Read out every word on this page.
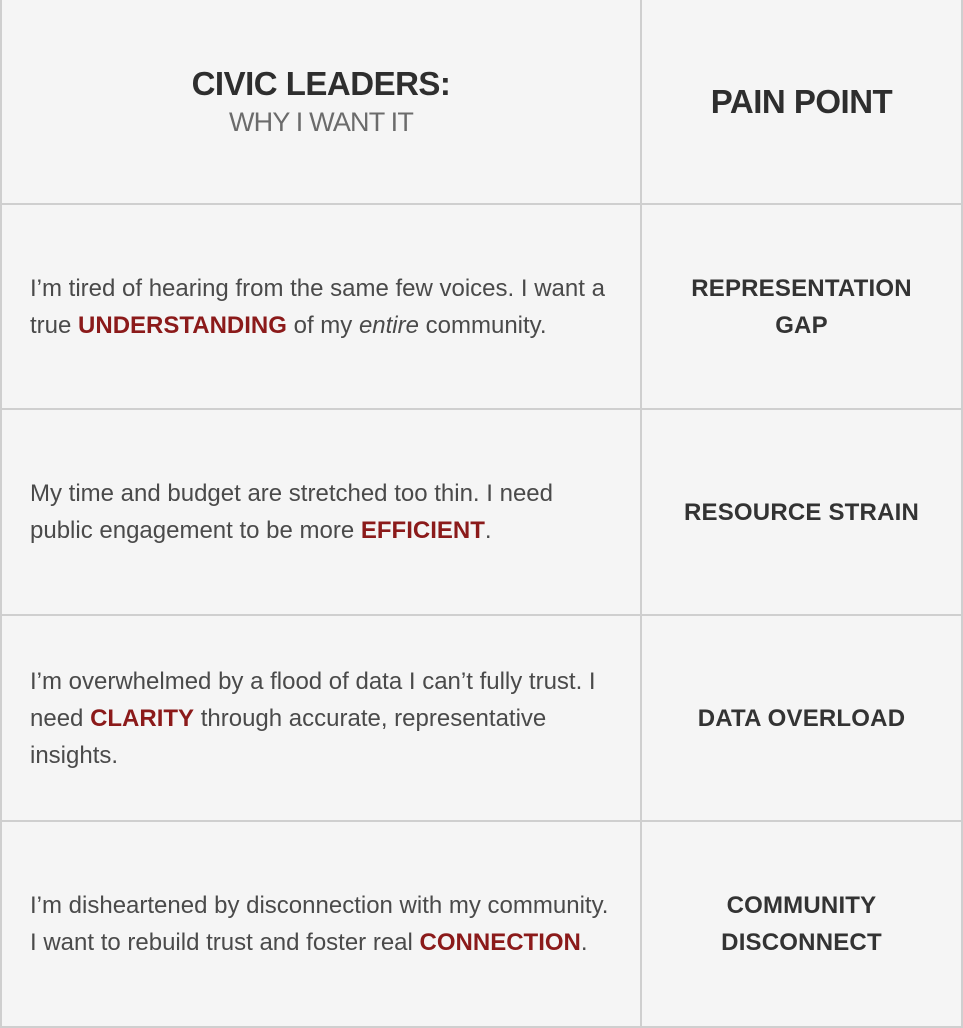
CIVIC LEADERS:
WHY I WANT IT
PAIN POINT

I’m tired of hearing from the same few voices. I want a true UNDERSTANDING of my entire community.

REPRESENTATION GAP

My time and budget are stretched too thin. I need public engagement to be more EFFICIENT.

RESOURCE STRAIN

I’m overwhelmed by a flood of data I can’t fully trust. I need CLARITY through accurate, representative insights.

DATA OVERLOAD

I’m disheartened by disconnection with my community. I want to rebuild trust and foster real CONNECTION.

COMMUNITY DISCONNECT
